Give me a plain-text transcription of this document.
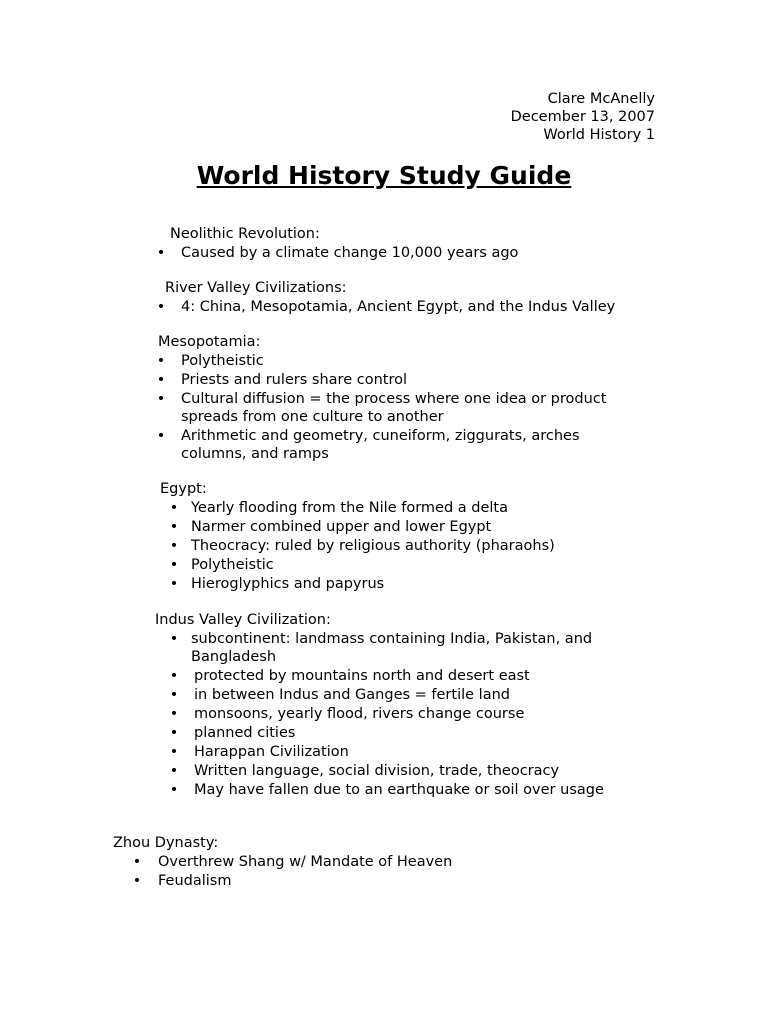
Clare McAnelly
December 13, 2007
World History 1
World History Study Guide
Neolithic Revolution:
• Caused by a climate change 10,000 years ago
River Valley Civilizations:
• 4: China, Mesopotamia, Ancient Egypt, and the Indus Valley
Mesopotamia:
• Polytheistic
• Priests and rulers share control
• Cultural diffusion = the process where one idea or product spreads from one culture to another
• Arithmetic and geometry, cuneiform, ziggurats, arches columns, and ramps
Egypt:
• Yearly flooding from the Nile formed a delta
• Narmer combined upper and lower Egypt
• Theocracy: ruled by religious authority (pharaohs)
• Polytheistic
• Hieroglyphics and papyrus
Indus Valley Civilization:
• subcontinent: landmass containing India, Pakistan, and Bangladesh
• protected by mountains north and desert east
• in between Indus and Ganges = fertile land
• monsoons, yearly flood, rivers change course
• planned cities
• Harappan Civilization
• Written language, social division, trade, theocracy
• May have fallen due to an earthquake or soil over usage
Zhou Dynasty:
• Overthrew Shang w/ Mandate of Heaven
• Feudalism
